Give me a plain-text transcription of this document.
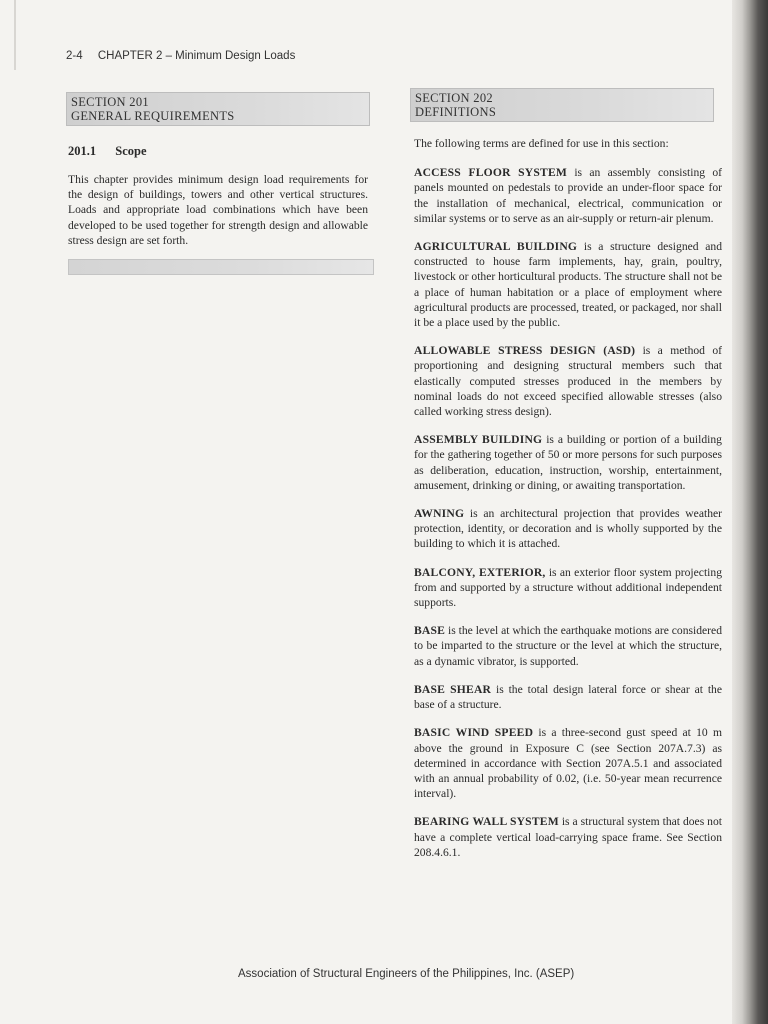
2-4 CHAPTER 2 – Minimum Design Loads
SECTION 201
GENERAL REQUIREMENTS
201.1 Scope
This chapter provides minimum design load requirements for the design of buildings, towers and other vertical structures. Loads and appropriate load combinations which have been developed to be used together for strength design and allowable stress design are set forth.
SECTION 202
DEFINITIONS

The following terms are defined for use in this section:

ACCESS FLOOR SYSTEM is an assembly consisting of panels mounted on pedestals to provide an under-floor space for the installation of mechanical, electrical, communication or similar systems or to serve as an air-supply or return-air plenum.

AGRICULTURAL BUILDING is a structure designed and constructed to house farm implements, hay, grain, poultry, livestock or other horticultural products. The structure shall not be a place of human habitation or a place of employment where agricultural products are processed, treated, or packaged, nor shall it be a place used by the public.

ALLOWABLE STRESS DESIGN (ASD) is a method of proportioning and designing structural members such that elastically computed stresses produced in the members by nominal loads do not exceed specified allowable stresses (also called working stress design).

ASSEMBLY BUILDING is a building or portion of a building for the gathering together of 50 or more persons for such purposes as deliberation, education, instruction, worship, entertainment, amusement, drinking or dining, or awaiting transportation.

AWNING is an architectural projection that provides weather protection, identity, or decoration and is wholly supported by the building to which it is attached.

BALCONY, EXTERIOR, is an exterior floor system projecting from and supported by a structure without additional independent supports.

BASE is the level at which the earthquake motions are considered to be imparted to the structure or the level at which the structure, as a dynamic vibrator, is supported.

BASE SHEAR is the total design lateral force or shear at the base of a structure.

BASIC WIND SPEED is a three-second gust speed at 10 m above the ground in Exposure C (see Section 207A.7.3) as determined in accordance with Section 207A.5.1 and associated with an annual probability of 0.02, (i.e. 50-year mean recurrence interval).

BEARING WALL SYSTEM is a structural system that does not have a complete vertical load-carrying space frame. See Section 208.4.6.1.

Association of Structural Engineers of the Philippines, Inc. (ASEP)
